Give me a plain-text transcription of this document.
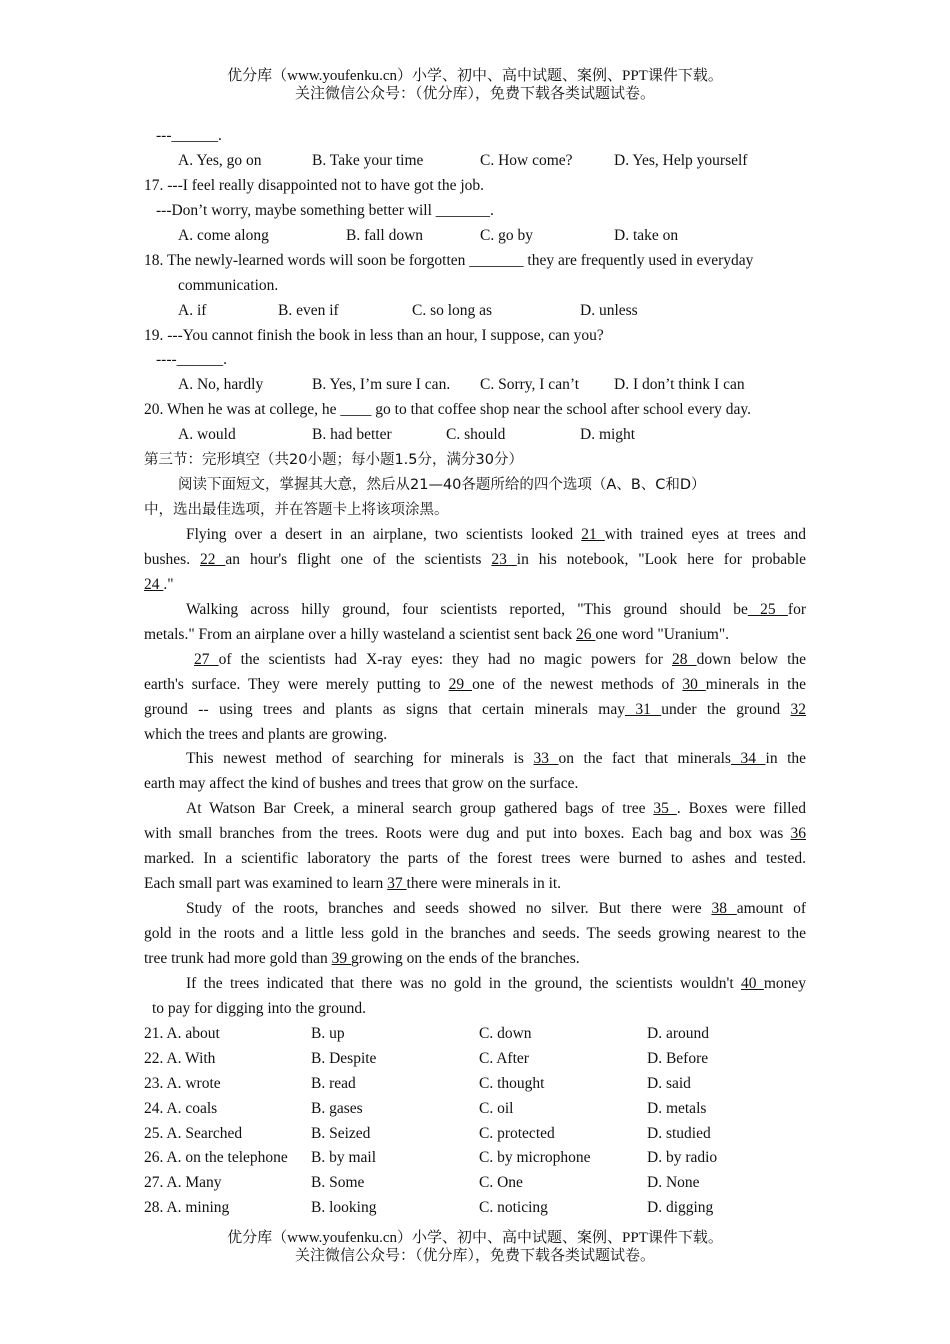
优分库（www.youfenku.cn）小学、初中、高中试题、案例、PPT课件下载。
关注微信公众号：（优分库），免费下载各类试题试卷。
---______.
A. Yes, go on	B. Take your time	C. How come?	D. Yes, Help yourself
17. ---I feel really disappointed not to have got the job.
---Don’t worry, maybe something better will _______.
A. come along	B. fall down	C. go by	D. take on
18. The newly-learned words will soon be forgotten _______ they are frequently used in everyday
communication.
A. if	B. even if	C. so long as	D. unless
19. ---You cannot finish the book in less than an hour, I suppose, can you?
----______.
A. No, hardly	B. Yes, I’m sure I can. C. Sorry, I can’t D. I don’t think I can
20. When he was at college, he ____ go to that coffee shop near the school after school every day.
A. would	B. had better	C. should	D. might
第三节：完形填空（共20小题；每小题1.5分，满分30分）
阅读下面短文，掌握其大意，然后从21—40各题所给的四个选项（A、B、C和D）
中，选出最佳选项，并在答题卡上将该项涂黑。
Flying over a desert in an airplane, two scientists looked 21 with trained eyes at trees and
bushes. 22 an hour's flight one of the scientists 23 in his notebook, "Look here for probable
24 ."
Walking across hilly ground, four scientists reported, "This ground should be 25 for
metals." From an airplane over a hilly wasteland a scientist sent back 26 one word "Uranium".
27 of the scientists had X-ray eyes: they had no magic powers for 28 down below the
earth's surface. They were merely putting to 29 one of the newest methods of 30 minerals in the
ground -- using trees and plants as signs that certain minerals may 31 under the ground 32
which the trees and plants are growing.
This newest method of searching for minerals is 33 on the fact that minerals 34 in the
earth may affect the kind of bushes and trees that grow on the surface.
At Watson Bar Creek, a mineral search group gathered bags of tree 35 . Boxes were filled
with small branches from the trees. Roots were dug and put into boxes. Each bag and box was 36
marked. In a scientific laboratory the parts of the forest trees were burned to ashes and tested.
Each small part was examined to learn 37 there were minerals in it.
Study of the roots, branches and seeds showed no silver. But there were 38 amount of
gold in the roots and a little less gold in the branches and seeds. The seeds growing nearest to the
tree trunk had more gold than 39 growing on the ends of the branches.
If the trees indicated that there was no gold in the ground, the scientists wouldn't 40 money
to pay for digging into the ground.
21. A. about	B. up	C. down	D. around
22. A. With	B. Despite	C. After	D. Before
23. A. wrote	B. read	C. thought	D. said
24. A. coals	B. gases	C. oil	D. metals
25. A. Searched	B. Seized	C. protected	D. studied
26. A. on the telephone B. by mail	C. by microphone	D. by radio
27. A. Many	B. Some	C. One	D. None
28. A. mining	B. looking	C. noticing	D. digging
优分库（www.youfenku.cn）小学、初中、高中试题、案例、PPT课件下载。
关注微信公众号：（优分库），免费下载各类试题试卷。
